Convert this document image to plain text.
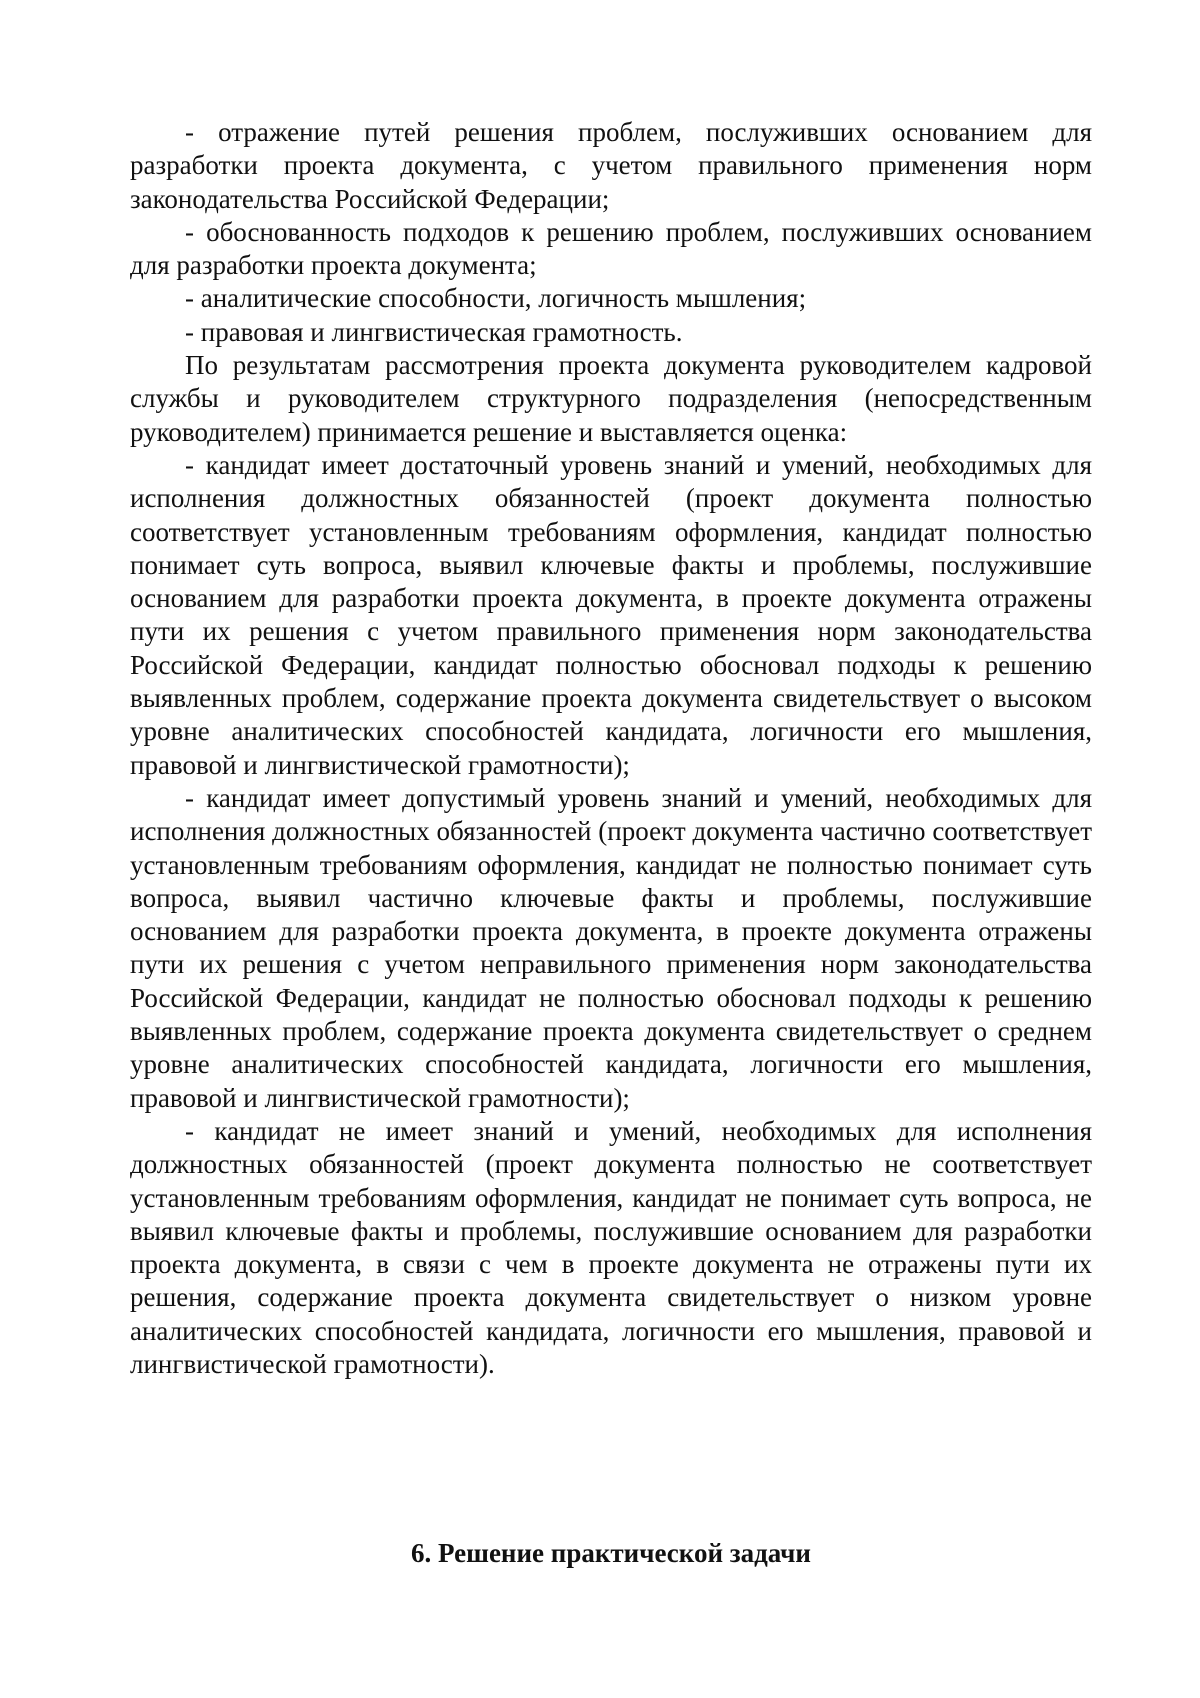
- отражение путей решения проблем, послуживших основанием для разработки проекта документа, с учетом правильного применения норм законодательства Российской Федерации;

- обоснованность подходов к решению проблем, послуживших основанием для разработки проекта документа;

- аналитические способности, логичность мышления;

- правовая и лингвистическая грамотность.

По результатам рассмотрения проекта документа руководителем кадровой службы и руководителем структурного подразделения (непосредственным руководителем) принимается решение и выставляется оценка:

- кандидат имеет достаточный уровень знаний и умений, необходимых для исполнения должностных обязанностей (проект документа полностью соответствует установленным требованиям оформления, кандидат полностью понимает суть вопроса, выявил ключевые факты и проблемы, послужившие основанием для разработки проекта документа, в проекте документа отражены пути их решения с учетом правильного применения норм законодательства Российской Федерации, кандидат полностью обосновал подходы к решению выявленных проблем, содержание проекта документа свидетельствует о высоком уровне аналитических способностей кандидата, логичности его мышления, правовой и лингвистической грамотности);

- кандидат имеет допустимый уровень знаний и умений, необходимых для исполнения должностных обязанностей (проект документа частично соответствует установленным требованиям оформления, кандидат не полностью понимает суть вопроса, выявил частично ключевые факты и проблемы, послужившие основанием для разработки проекта документа, в проекте документа отражены пути их решения с учетом неправильного применения норм законодательства Российской Федерации, кандидат не полностью обосновал подходы к решению выявленных проблем, содержание проекта документа свидетельствует о среднем уровне аналитических способностей кандидата, логичности его мышления, правовой и лингвистической грамотности);

- кандидат не имеет знаний и умений, необходимых для исполнения должностных обязанностей (проект документа полностью не соответствует установленным требованиям оформления, кандидат не понимает суть вопроса, не выявил ключевые факты и проблемы, послужившие основанием для разработки проекта документа, в связи с чем в проекте документа не отражены пути их решения, содержание проекта документа свидетельствует о низком уровне аналитических способностей кандидата, логичности его мышления, правовой и лингвистической грамотности).

6. Решение практической задачи
